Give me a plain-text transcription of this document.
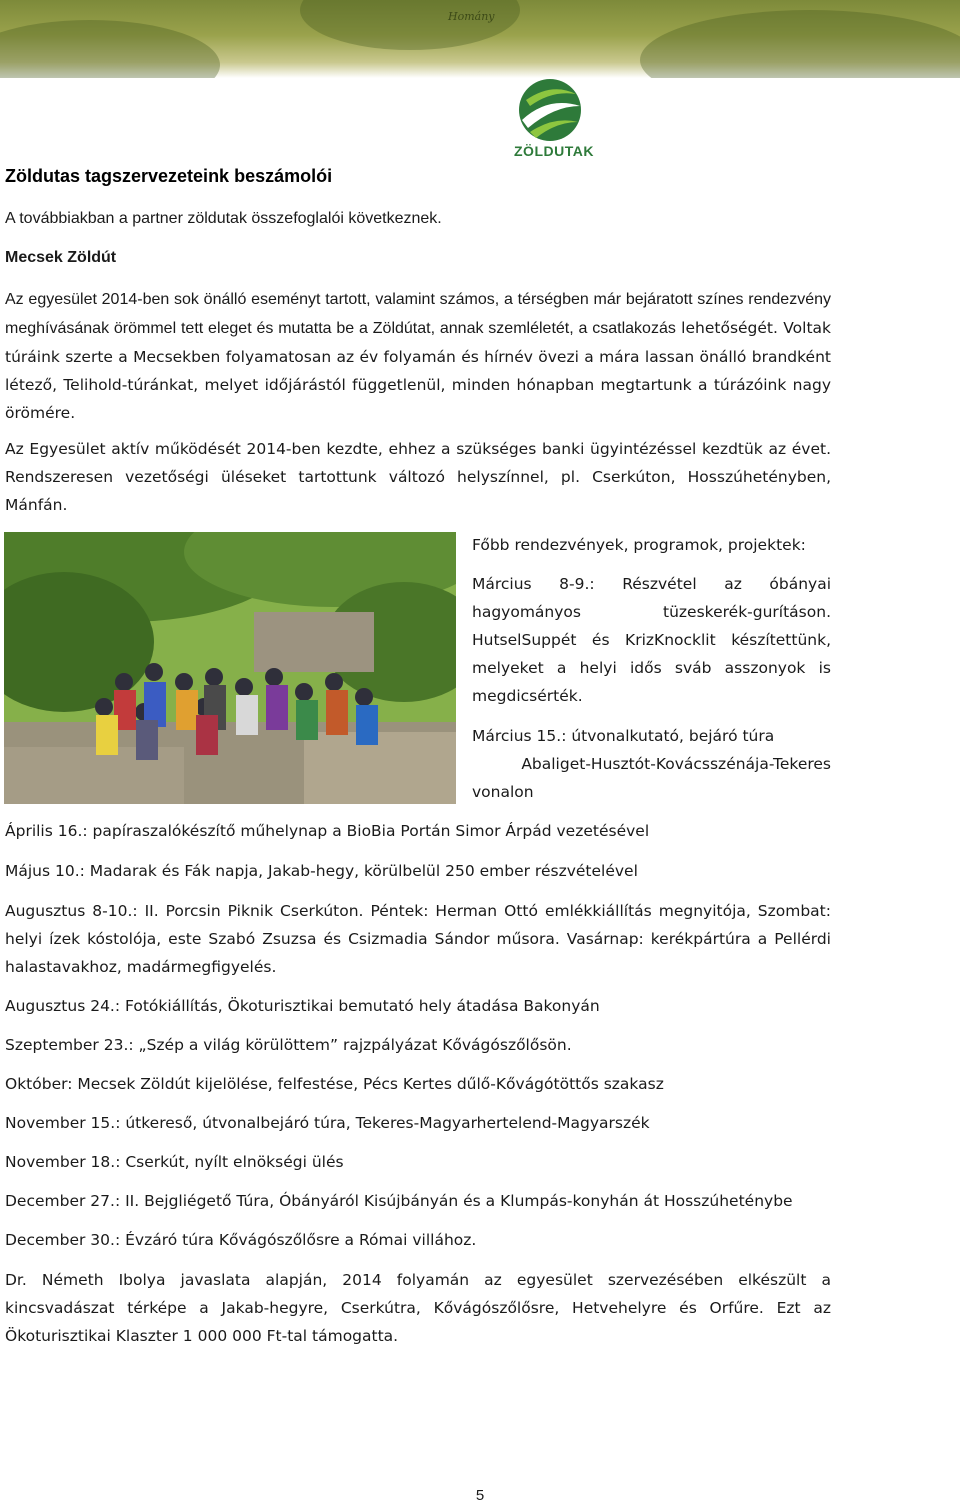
Homány
ZÖLDUTAK
Zöldutas tagszervezeteink beszámolói

A továbbiakban a partner zöldutak összefoglalói következnek.

Mecsek Zöldút

Az egyesület 2014-ben sok önálló eseményt tartott, valamint számos, a térségben már bejáratott színes rendezvény meghívásának örömmel tett eleget és mutatta be a Zöldútat, annak szemléletét, a csatlakozás lehetőségét. Voltak túráink szerte a Mecsekben folyamatosan az év folyamán és hírnév övezi a mára lassan önálló brandként létező, Telihold-túránkat, melyet időjárástól függetlenül, minden hónapban megtartunk a túrázóink nagy örömére.

Az Egyesület aktív működését 2014-ben kezdte, ehhez a szükséges banki ügyintézéssel kezdtük az évet. Rendszeresen vezetőségi üléseket tartottunk változó helyszínnel, pl. Cserkúton, Hosszúhetényben, Mánfán.

Főbb rendezvények, programok, projektek:

Március 8-9.: Részvétel az óbányai hagyományos tüzeskerék-gurításon. HutselSuppét és KrizKnocklit készítettünk, melyeket a helyi idős sváb asszonyok is megdicsérték.

Március 15.: útvonalkutató, bejáró túra

Abaliget-Husztót-Kovácsszénája-Tekeres

vonalon

Április 16.: papíraszalókészítő műhelynap a BioBia Portán Simor Árpád vezetésével

Május 10.: Madarak és Fák napja, Jakab-hegy, körülbelül 250 ember részvételével

Augusztus 8-10.: II. Porcsin Piknik Cserkúton. Péntek: Herman Ottó emlékkiállítás megnyitója, Szombat: helyi ízek kóstolója, este Szabó Zsuzsa és Csizmadia Sándor műsora. Vasárnap: kerékpártúra a Pellérdi halastavakhoz, madármegfigyelés.

Augusztus 24.: Fotókiállítás, Ökoturisztikai bemutató hely átadása Bakonyán

Szeptember 23.: „Szép a világ körülöttem” rajzpályázat Kővágószőlősön.

Október: Mecsek Zöldút kijelölése, felfestése, Pécs Kertes dűlő-Kővágótöttős szakasz

November 15.: útkereső, útvonalbejáró túra, Tekeres-Magyarhertelend-Magyarszék

November 18.: Cserkút, nyílt elnökségi ülés

December 27.: II. Bejgliégető Túra, Óbányáról Kisújbányán és a Klumpás-konyhán át Hosszúheténybe

December 30.: Évzáró túra Kővágószőlősre a Római villához.

Dr. Németh Ibolya javaslata alapján, 2014 folyamán az egyesület szervezésében elkészült a kincsvadászat térképe a Jakab-hegyre, Cserkútra, Kővágószőlősre, Hetvehelyre és Orfűre. Ezt az Ökoturisztikai Klaszter 1 000 000 Ft-tal támogatta.

5
